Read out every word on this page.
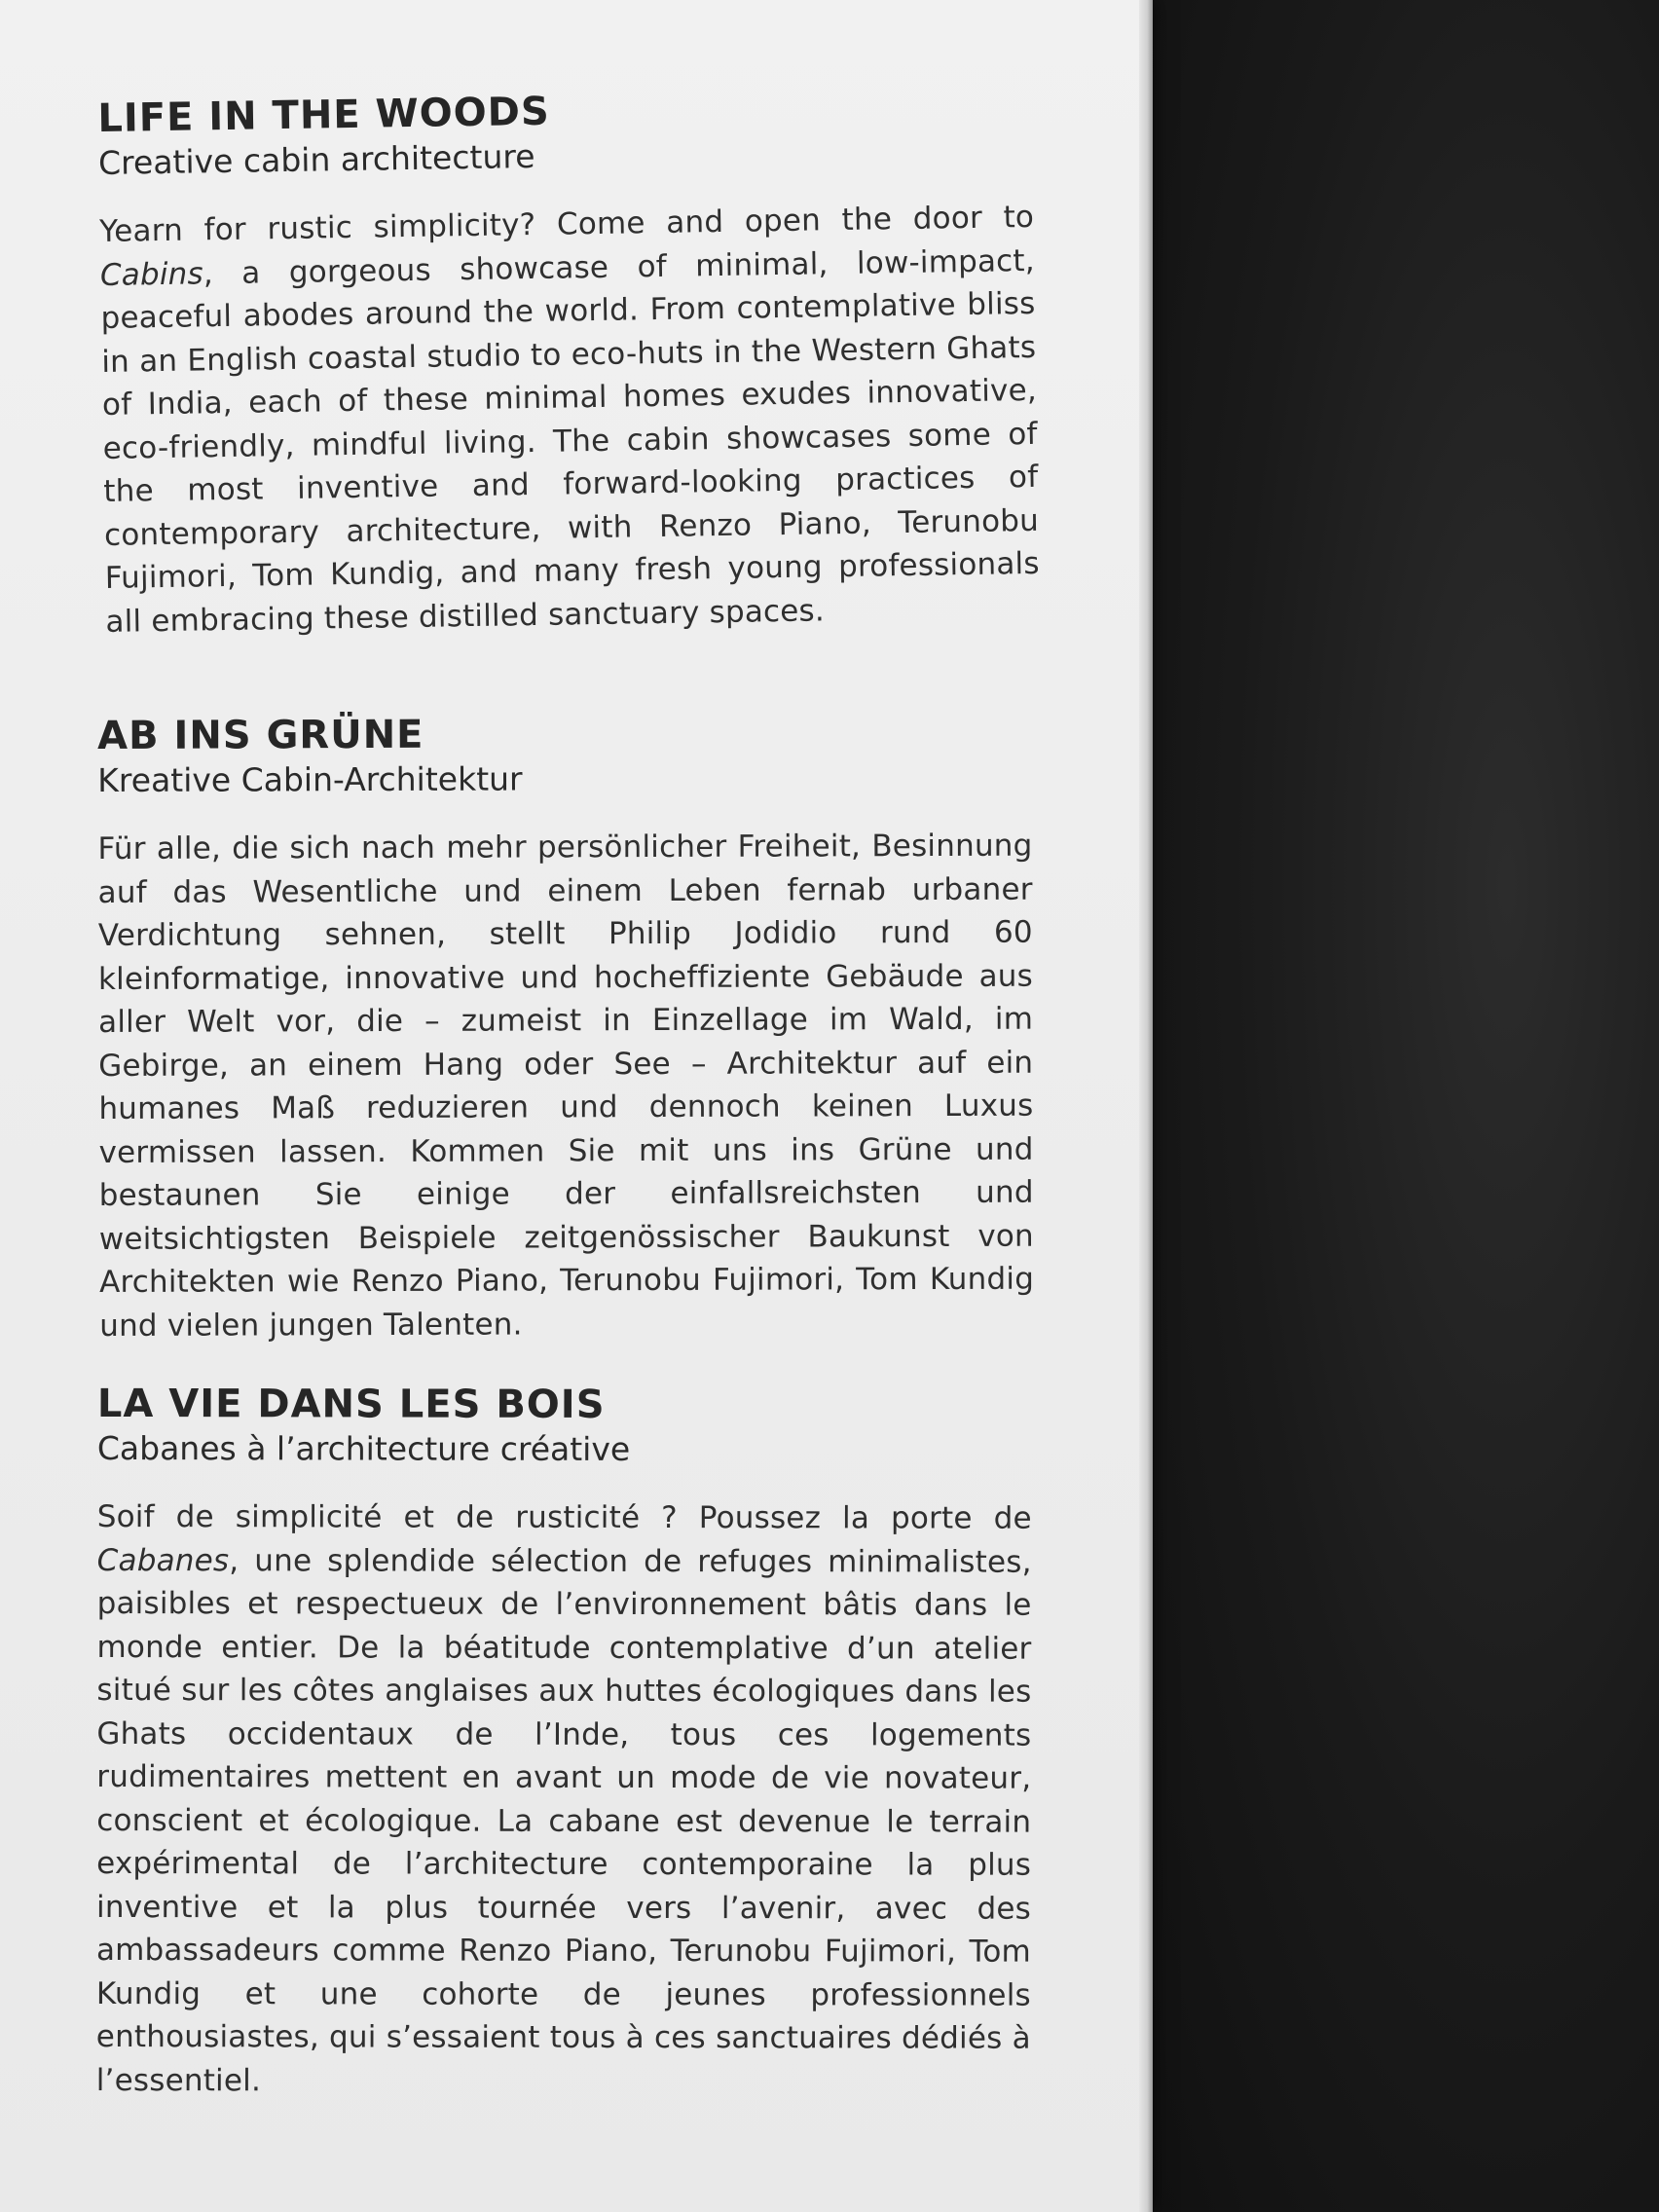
LIFE IN THE WOODS
Creative cabin architecture

Yearn for rustic simplicity? Come and open the door to Cabins, a gorgeous showcase of minimal, low-impact, peaceful abodes around the world. From contemplative bliss in an English coastal studio to eco-huts in the Western Ghats of India, each of these minimal homes exudes innovative, eco-friendly, mindful living. The cabin showcases some of the most inventive and forward-looking practices of contemporary architecture, with Renzo Piano, Terunobu Fujimori, Tom Kundig, and many fresh young professionals all embracing these distilled sanctuary spaces.

AB INS GRÜNE
Kreative Cabin-Architektur

Für alle, die sich nach mehr persönlicher Freiheit, Besinnung auf das Wesentliche und einem Leben fernab urbaner Verdichtung sehnen, stellt Philip Jodidio rund 60 kleinformatige, innovative und hocheffiziente Gebäude aus aller Welt vor, die – zumeist in Einzellage im Wald, im Gebirge, an einem Hang oder See – Architektur auf ein humanes Maß reduzieren und dennoch keinen Luxus vermissen lassen. Kommen Sie mit uns ins Grüne und bestaunen Sie einige der einfallsreichsten und weitsichtigsten Beispiele zeitgenössischer Baukunst von Architekten wie Renzo Piano, Terunobu Fujimori, Tom Kundig und vielen jungen Talenten.

LA VIE DANS LES BOIS
Cabanes à l’architecture créative

Soif de simplicité et de rusticité ? Poussez la porte de Cabanes, une splendide sélection de refuges minimalistes, paisibles et respectueux de l’environnement bâtis dans le monde entier. De la béatitude contemplative d’un atelier situé sur les côtes anglaises aux huttes écologiques dans les Ghats occidentaux de l’Inde, tous ces logements rudimentaires mettent en avant un mode de vie novateur, conscient et écologique. La cabane est devenue le terrain expérimental de l’architecture contemporaine la plus inventive et la plus tournée vers l’avenir, avec des ambassadeurs comme Renzo Piano, Terunobu Fujimori, Tom Kundig et une cohorte de jeunes professionnels enthousiastes, qui s’essaient tous à ces sanctuaires dédiés à l’essentiel.
